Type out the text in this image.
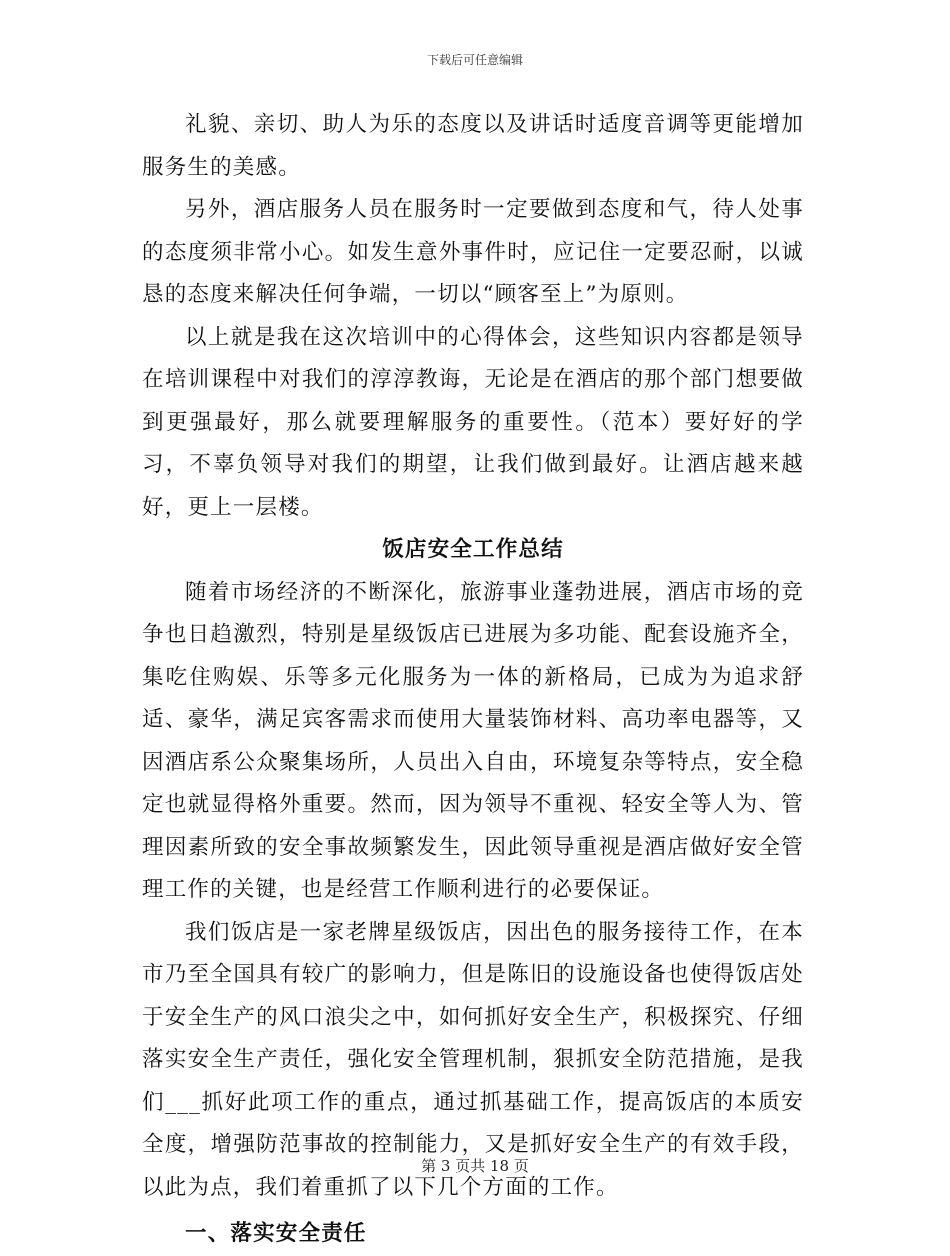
下载后可任意编辑

礼貌、亲切、助人为乐的态度以及讲话时适度音调等更能增加服务生的美感。

另外，酒店服务人员在服务时一定要做到态度和气，待人处事的态度须非常小心。如发生意外事件时，应记住一定要忍耐，以诚恳的态度来解决任何争端，一切以“顾客至上”为原则。

以上就是我在这次培训中的心得体会，这些知识内容都是领导在培训课程中对我们的淳淳教诲，无论是在酒店的那个部门想要做到更强最好，那么就要理解服务的重要性。（范本）要好好的学习，不辜负领导对我们的期望，让我们做到最好。让酒店越来越好，更上一层楼。

饭店安全工作总结

随着市场经济的不断深化，旅游事业蓬勃进展，酒店市场的竞争也日趋激烈，特别是星级饭店已进展为多功能、配套设施齐全，集吃住购娱、乐等多元化服务为一体的新格局，已成为为追求舒适、豪华，满足宾客需求而使用大量装饰材料、高功率电器等，又因酒店系公众聚集场所，人员出入自由，环境复杂等特点，安全稳定也就显得格外重要。然而，因为领导不重视、轻安全等人为、管理因素所致的安全事故频繁发生，因此领导重视是酒店做好安全管理工作的关键，也是经营工作顺利进行的必要保证。

我们饭店是一家老牌星级饭店，因出色的服务接待工作，在本市乃至全国具有较广的影响力，但是陈旧的设施设备也使得饭店处于安全生产的风口浪尖之中，如何抓好安全生产，积极探究、仔细落实安全生产责任，强化安全管理机制，狠抓安全防范措施，是我们___抓好此项工作的重点，通过抓基础工作，提高饭店的本质安全度，增强防范事故的控制能力，又是抓好安全生产的有效手段，以此为点，我们着重抓了以下几个方面的工作。

一、落实安全责任

第 3 页共 18 页
